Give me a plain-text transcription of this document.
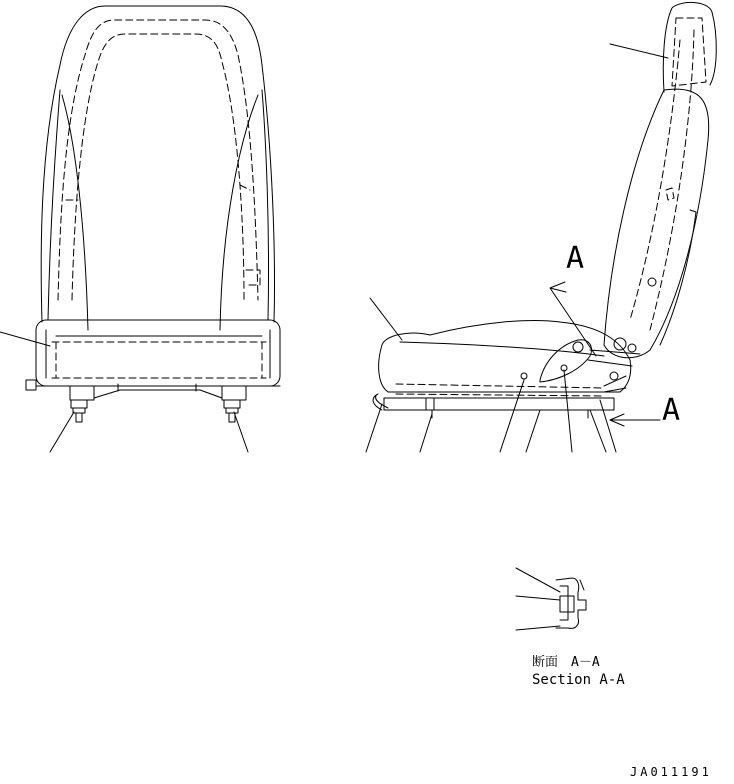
A
A
断面　A－A
Section A-A
JA011191
